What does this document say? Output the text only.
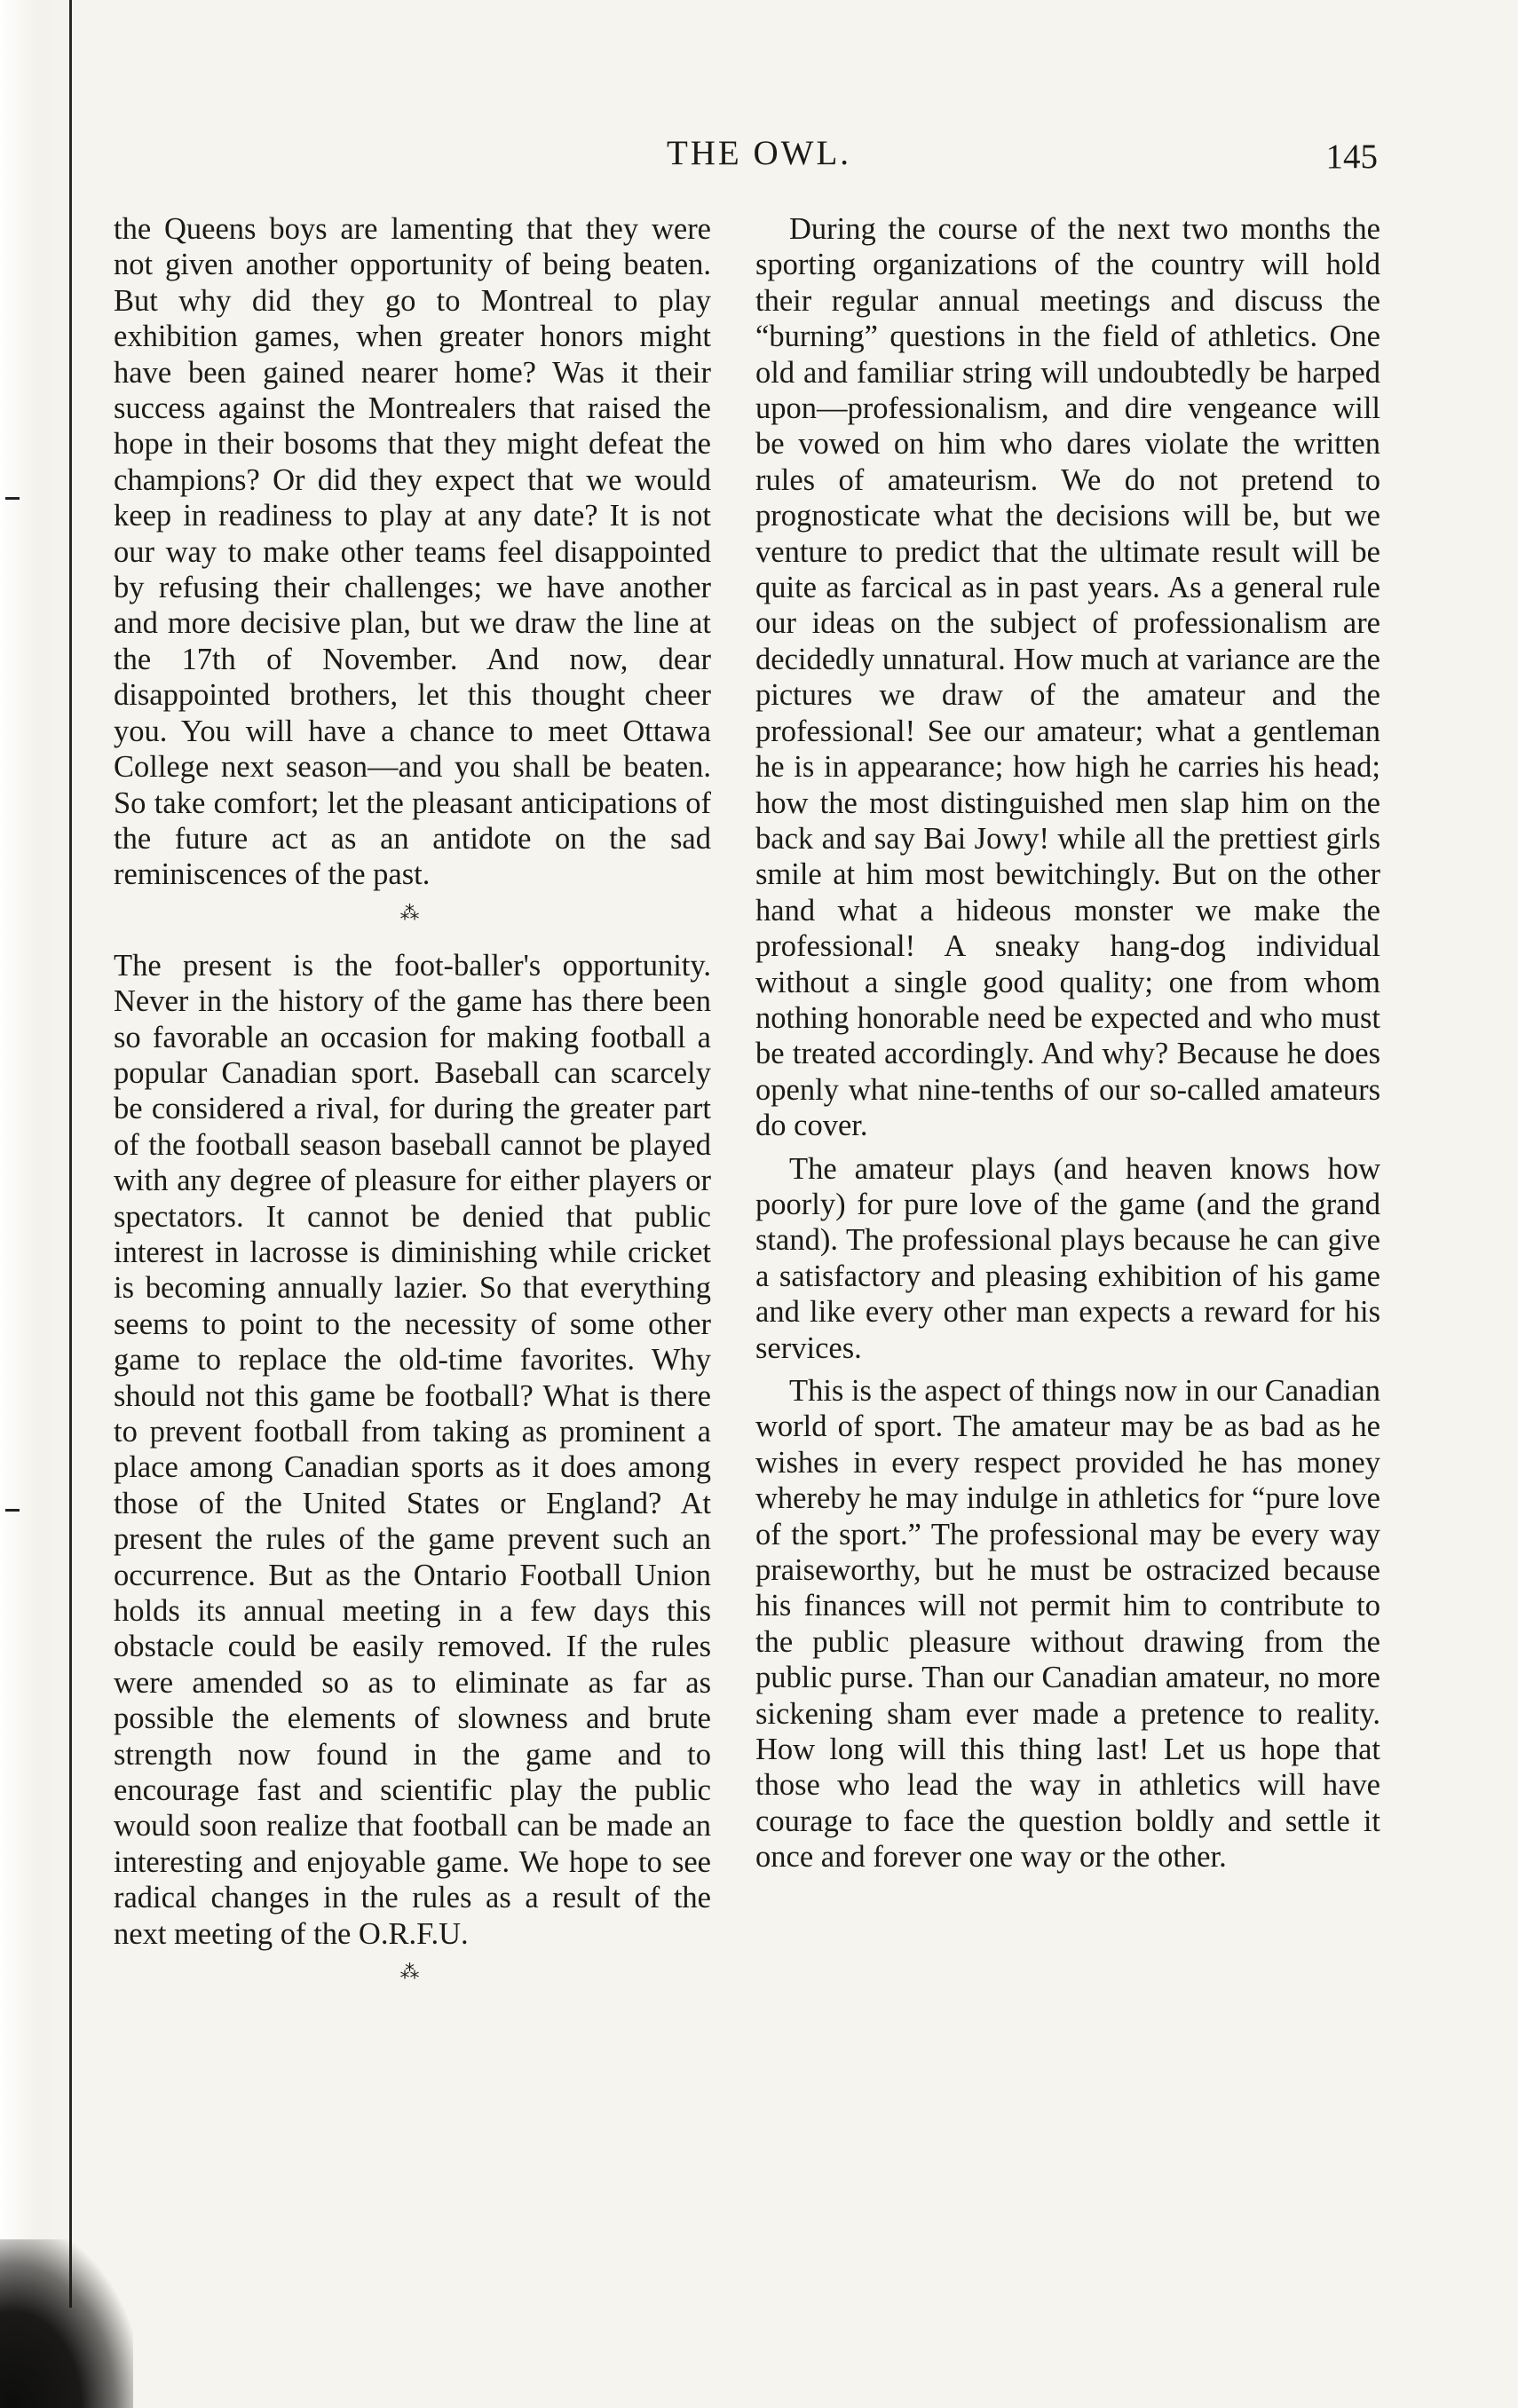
THE OWL.	145

the Queens boys are lamenting that they were not given another opportunity of being beaten. But why did they go to Montreal to play exhibition games, when greater honors might have been gained nearer home? Was it their success against the Montrealers that raised the hope in their bosoms that they might defeat the champions? Or did they expect that we would keep in readiness to play at any date? It is not our way to make other teams feel disappointed by refusing their challenges; we have another and more decisive plan, but we draw the line at the 17th of November. And now, dear disappointed brothers, let this thought cheer you. You will have a chance to meet Ottawa College next season—and you shall be beaten. So take comfort; let the pleasant anticipations of the future act as an antidote on the sad reminiscences of the past.

⁂

The present is the foot-baller's opportunity. Never in the history of the game has there been so favorable an occasion for making football a popular Canadian sport. Baseball can scarcely be considered a rival, for during the greater part of the football season baseball cannot be played with any degree of pleasure for either players or spectators. It cannot be denied that public interest in lacrosse is diminishing while cricket is becoming annually lazier. So that everything seems to point to the necessity of some other game to replace the old-time favorites. Why should not this game be football? What is there to prevent football from taking as prominent a place among Canadian sports as it does among those of the United States or England? At present the rules of the game prevent such an occurrence. But as the Ontario Football Union holds its annual meeting in a few days this obstacle could be easily removed. If the rules were amended so as to eliminate as far as possible the elements of slowness and brute strength now found in the game and to encourage fast and scientific play the public would soon realize that football can be made an interesting and enjoyable game. We hope to see radical changes in the rules as a result of the next meeting of the O.R.F.U.

⁂

During the course of the next two months the sporting organizations of the country will hold their regular annual meetings and discuss the “burning” questions in the field of athletics. One old and familiar string will undoubtedly be harped upon—professionalism, and dire vengeance will be vowed on him who dares violate the written rules of amateurism. We do not pretend to prognosticate what the decisions will be, but we venture to predict that the ultimate result will be quite as farcical as in past years. As a general rule our ideas on the subject of professionalism are decidedly unnatural. How much at variance are the pictures we draw of the amateur and the professional! See our amateur; what a gentleman he is in appearance; how high he carries his head; how the most distinguished men slap him on the back and say Bai Jowy! while all the prettiest girls smile at him most bewitchingly. But on the other hand what a hideous monster we make the professional! A sneaky hang-dog individual without a single good quality; one from whom nothing honorable need be expected and who must be treated accordingly. And why? Because he does openly what nine-tenths of our so-called amateurs do cover.

The amateur plays (and heaven knows how poorly) for pure love of the game (and the grand stand). The professional plays because he can give a satisfactory and pleasing exhibition of his game and like every other man expects a reward for his services.

This is the aspect of things now in our Canadian world of sport. The amateur may be as bad as he wishes in every respect provided he has money whereby he may indulge in athletics for “pure love of the sport.” The professional may be every way praiseworthy, but he must be ostracized because his finances will not permit him to contribute to the public pleasure without drawing from the public purse. Than our Canadian amateur, no more sickening sham ever made a pretence to reality. How long will this thing last! Let us hope that those who lead the way in athletics will have courage to face the question boldly and settle it once and forever one way or the other.
